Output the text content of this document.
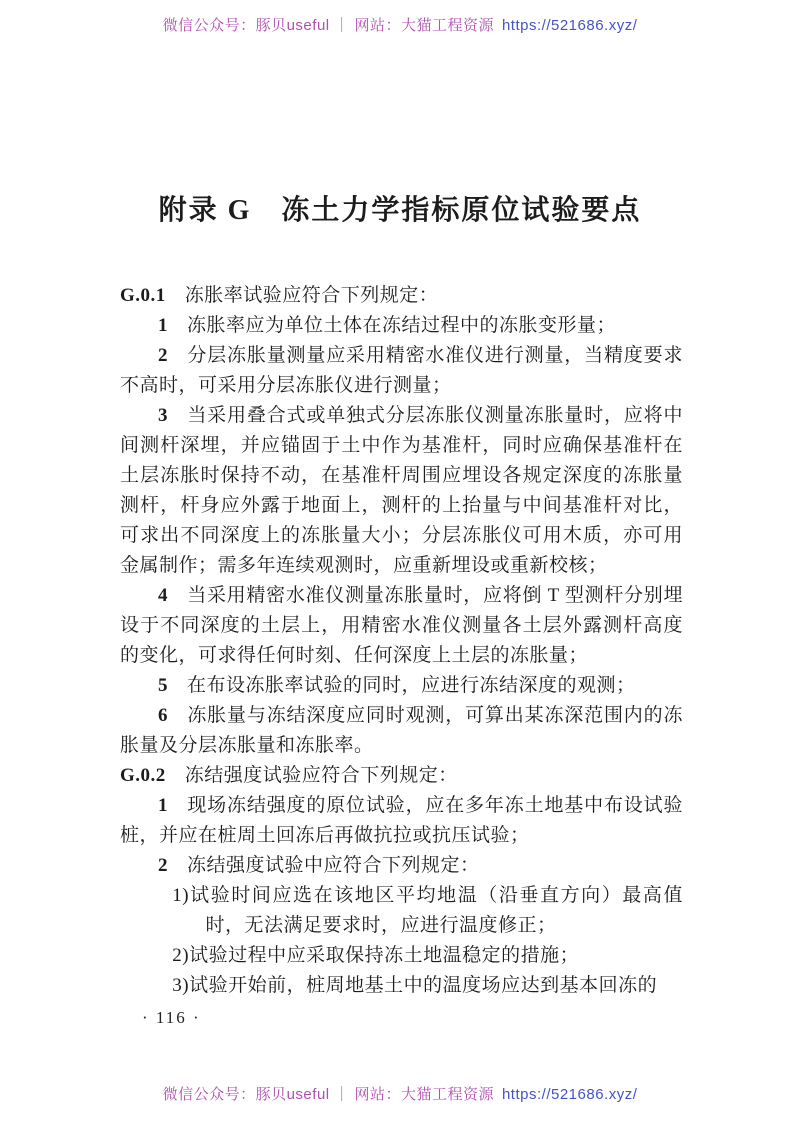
微信公众号：豚贝useful ｜ 网站：大猫工程资源 https://521686.xyz/
附录 G　冻土力学指标原位试验要点

G.0.1 冻胀率试验应符合下列规定：

1 冻胀率应为单位土体在冻结过程中的冻胀变形量；

2 分层冻胀量测量应采用精密水准仪进行测量，当精度要求不高时，可采用分层冻胀仪进行测量；

3 当采用叠合式或单独式分层冻胀仪测量冻胀量时，应将中间测杆深埋，并应锚固于土中作为基准杆，同时应确保基准杆在土层冻胀时保持不动，在基准杆周围应埋设各规定深度的冻胀量测杆，杆身应外露于地面上，测杆的上抬量与中间基准杆对比，可求出不同深度上的冻胀量大小；分层冻胀仪可用木质，亦可用金属制作；需多年连续观测时，应重新埋设或重新校核；

4 当采用精密水准仪测量冻胀量时，应将倒 T 型测杆分别埋设于不同深度的土层上，用精密水准仪测量各土层外露测杆高度的变化，可求得任何时刻、任何深度上土层的冻胀量；

5 在布设冻胀率试验的同时，应进行冻结深度的观测；

6 冻胀量与冻结深度应同时观测，可算出某冻深范围内的冻胀量及分层冻胀量和冻胀率。

G.0.2 冻结强度试验应符合下列规定：

1 现场冻结强度的原位试验，应在多年冻土地基中布设试验桩，并应在桩周土回冻后再做抗拉或抗压试验；

2 冻结强度试验中应符合下列规定：

1)试验时间应选在该地区平均地温（沿垂直方向）最高值时，无法满足要求时，应进行温度修正；

2)试验过程中应采取保持冻土地温稳定的措施；

3)试验开始前，桩周地基土中的温度场应达到基本回冻的

· 116 ·
微信公众号：豚贝useful ｜ 网站：大猫工程资源 https://521686.xyz/
